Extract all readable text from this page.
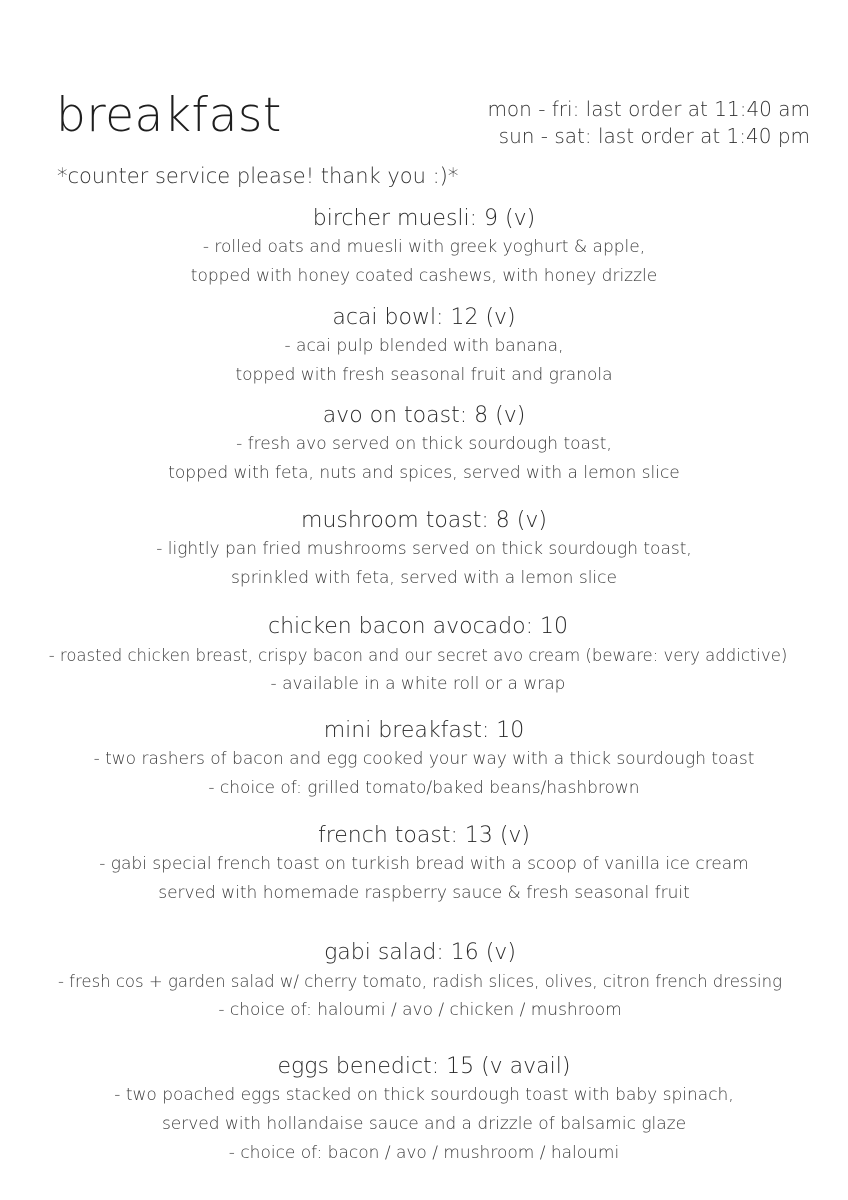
breakfast	mon - fri: last order at 11:40 am
sun - sat: last order at 1:40 pm
*counter service please! thank you :)*
bircher muesli: 9 (v)
- rolled oats and muesli with greek yoghurt & apple,
topped with honey coated cashews, with honey drizzle
acai bowl: 12 (v)
- acai pulp blended with banana,
topped with fresh seasonal fruit and granola
avo on toast: 8 (v)
- fresh avo served on thick sourdough toast,
topped with feta, nuts and spices, served with a lemon slice
mushroom toast: 8 (v)
- lightly pan fried mushrooms served on thick sourdough toast,
sprinkled with feta, served with a lemon slice
chicken bacon avocado: 10
- roasted chicken breast, crispy bacon and our secret avo cream (beware: very addictive)
- available in a white roll or a wrap
mini breakfast: 10
- two rashers of bacon and egg cooked your way with a thick sourdough toast
- choice of: grilled tomato/baked beans/hashbrown
french toast: 13 (v)
- gabi special french toast on turkish bread with a scoop of vanilla ice cream
served with homemade raspberry sauce & fresh seasonal fruit
gabi salad: 16 (v)
- fresh cos + garden salad w/ cherry tomato, radish slices, olives, citron french dressing
- choice of: haloumi / avo / chicken / mushroom
eggs benedict: 15 (v avail)
- two poached eggs stacked on thick sourdough toast with baby spinach,
served with hollandaise sauce and a drizzle of balsamic glaze
- choice of: bacon / avo / mushroom / haloumi
